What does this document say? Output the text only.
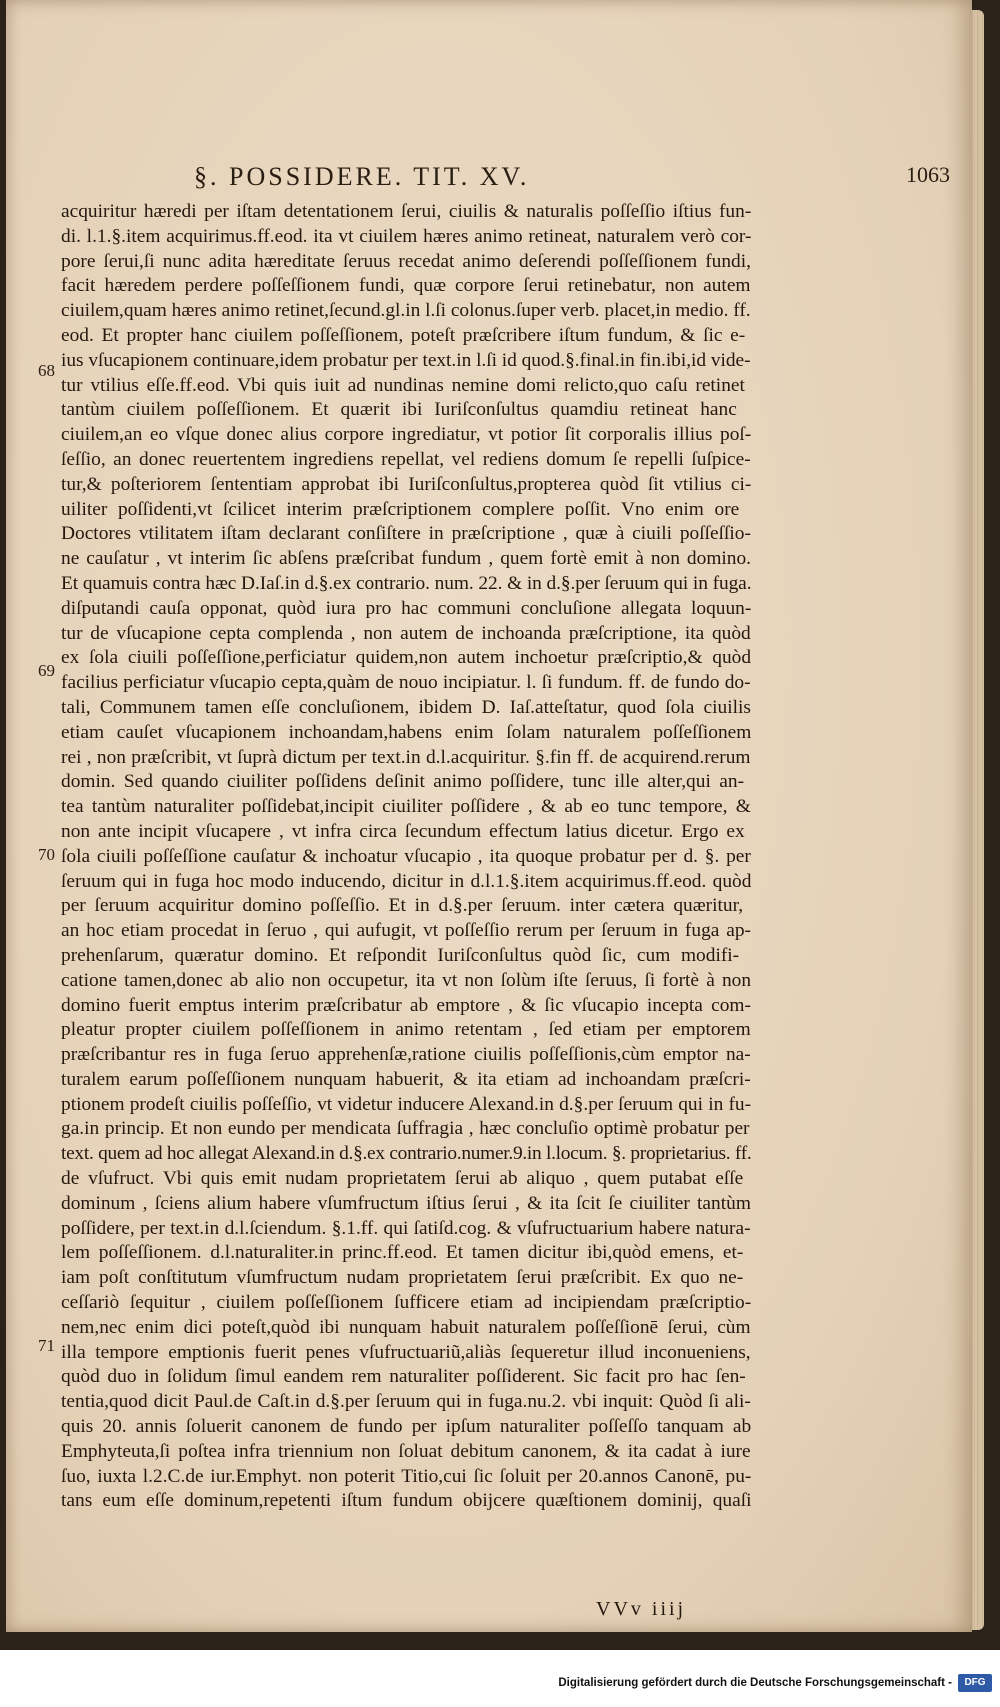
§. POSSIDERE. TIT. XV.	1063
68
69
70
71
acquiritur hæredi per iſtam detentationem ſerui, ciuilis & naturalis poſſeſſio iſtius fun-
di. l.1.§.item acquirimus.ff.eod. ita vt ciuilem hæres animo retineat, naturalem verò cor-
pore ſerui,ſi nunc adita hæreditate ſeruus recedat animo deſerendi poſſeſſionem fundi,
facit hæredem perdere poſſeſſionem fundi, quæ corpore ſerui retinebatur, non autem
ciuilem,quam hæres animo retinet,ſecund.gl.in l.ſi colonus.ſuper verb. placet,in medio. ff.
eod. Et propter hanc ciuilem poſſeſſionem, poteſt præſcribere iſtum fundum, & ſic e-
ius vſucapionem continuare,idem probatur per text.in l.ſi id quod.§.final.in fin.ibi,id vide-
tur vtilius eſſe.ff.eod. Vbi quis iuit ad nundinas nemine domi relicto,quo caſu retinet
tantùm ciuilem poſſeſſionem. Et quærit ibi Iuriſconſultus quamdiu retineat hanc
ciuilem,an eo vſque donec alius corpore ingrediatur, vt potior ſit corporalis illius poſ-
ſeſſio, an donec reuertentem ingrediens repellat, vel rediens domum ſe repelli ſuſpice-
tur,& poſteriorem ſententiam approbat ibi Iuriſconſultus,propterea quòd ſit vtilius ci-
uiliter poſſidenti,vt ſcilicet interim præſcriptionem complere poſſit. Vno enim ore
Doctores vtilitatem iſtam declarant conſiſtere in præſcriptione , quæ à ciuili poſſeſſio-
ne cauſatur , vt interim ſic abſens præſcribat fundum , quem fortè emit à non domino.
Et quamuis contra hæc D.Iaſ.in d.§.ex contrario. num. 22. & in d.§.per ſeruum qui in fuga.
diſputandi cauſa opponat, quòd iura pro hac communi concluſione allegata loquun-
tur de vſucapione cepta complenda , non autem de inchoanda præſcriptione, ita quòd
ex ſola ciuili poſſeſſione,perficiatur quidem,non autem inchoetur præſcriptio,& quòd
facilius perficiatur vſucapio cepta,quàm de nouo incipiatur. l. ſi fundum. ff. de fundo do-
tali, Communem tamen eſſe concluſionem, ibidem D. Iaſ.atteſtatur, quod ſola ciuilis
etiam cauſet vſucapionem inchoandam,habens enim ſolam naturalem poſſeſſionem
rei , non præſcribit, vt ſuprà dictum per text.in d.l.acquiritur. §.fin ff. de acquirend.rerum
domin. Sed quando ciuiliter poſſidens deſinit animo poſſidere, tunc ille alter,qui an-
tea tantùm naturaliter poſſidebat,incipit ciuiliter poſſidere , & ab eo tunc tempore, &
non ante incipit vſucapere , vt infra circa ſecundum effectum latius dicetur. Ergo ex
ſola ciuili poſſeſſione cauſatur & inchoatur vſucapio , ita quoque probatur per d. §. per
ſeruum qui in fuga hoc modo inducendo, dicitur in d.l.1.§.item acquirimus.ff.eod. quòd
per ſeruum acquiritur domino poſſeſſio. Et in d.§.per ſeruum. inter cætera quæritur,
an hoc etiam procedat in ſeruo , qui aufugit, vt poſſeſſio rerum per ſeruum in fuga ap-
prehenſarum, quæratur domino. Et reſpondit Iuriſconſultus quòd ſic, cum modifi-
catione tamen,donec ab alio non occupetur, ita vt non ſolùm iſte ſeruus, ſi fortè à non
domino fuerit emptus interim præſcribatur ab emptore , & ſic vſucapio incepta com-
pleatur propter ciuilem poſſeſſionem in animo retentam , ſed etiam per emptorem
præſcribantur res in fuga ſeruo apprehenſæ,ratione ciuilis poſſeſſionis,cùm emptor na-
turalem earum poſſeſſionem nunquam habuerit, & ita etiam ad inchoandam præſcri-
ptionem prodeſt ciuilis poſſeſſio, vt videtur inducere Alexand.in d.§.per ſeruum qui in fu-
ga.in princip. Et non eundo per mendicata ſuffragia , hæc concluſio optimè probatur per
text. quem ad hoc allegat Alexand.in d.§.ex contrario.numer.9.in l.locum. §. proprietarius. ff.
de vſufruct. Vbi quis emit nudam proprietatem ſerui ab aliquo , quem putabat eſſe
dominum , ſciens alium habere vſumfructum iſtius ſerui , & ita ſcit ſe ciuiliter tantùm
poſſidere, per text.in d.l.ſciendum. §.1.ff. qui ſatiſd.cog. & vſufructuarium habere natura-
lem poſſeſſionem. d.l.naturaliter.in princ.ff.eod. Et tamen dicitur ibi,quòd emens, et-
iam poſt conſtitutum vſumfructum nudam proprietatem ſerui præſcribit. Ex quo ne-
ceſſariò ſequitur , ciuilem poſſeſſionem ſufficere etiam ad incipiendam præſcriptio-
nem,nec enim dici poteſt,quòd ibi nunquam habuit naturalem poſſeſſionē ſerui, cùm
illa tempore emptionis fuerit penes vſufructuariũ,aliàs ſequeretur illud inconueniens,
quòd duo in ſolidum ſimul eandem rem naturaliter poſſiderent. Sic facit pro hac ſen-
tentia,quod dicit Paul.de Caſt.in d.§.per ſeruum qui in fuga.nu.2. vbi inquit: Quòd ſi ali-
quis 20. annis ſoluerit canonem de fundo per ipſum naturaliter poſſeſſo tanquam ab
Emphyteuta,ſi poſtea infra triennium non ſoluat debitum canonem, & ita cadat à iure
ſuo, iuxta l.2.C.de iur.Emphyt. non poterit Titio,cui ſic ſoluit per 20.annos Canonē, pu-
tans eum eſſe dominum,repetenti iſtum fundum obijcere quæſtionem dominij, quaſi
VVv iiij
Digitalisierung gefördert durch die Deutsche Forschungsgemeinschaft -	DFG
